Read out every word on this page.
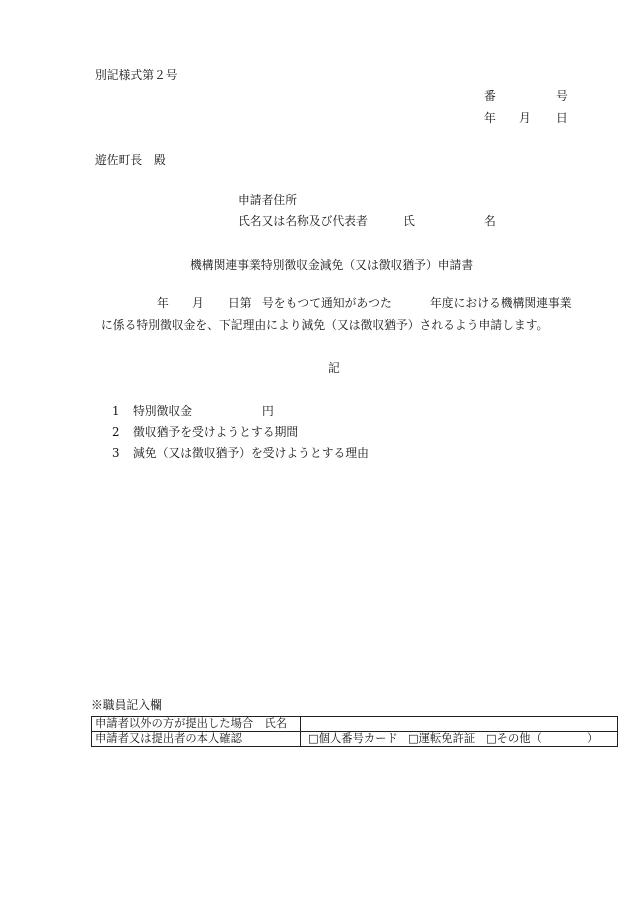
別記様式第２号
番	号
年 月 日
遊佐町長　殿
申請者住所
氏名又は名称及び代表者	氏	名
機構関連事業特別徴収金減免（又は徴収猶予）申請書
年 月 日第 号をもつて通知があつた	年度における機構関連事業
に係る特別徴収金を、下記理由により減免（又は徴収猶予）されるよう申請します。
記
1 特別徴収金	円
2 徴収猶予を受けようとする期間
3 減免（又は徴収猶予）を受けようとする理由
※職員記入欄
申請者以外の方が提出した場合　氏名
申請者又は提出者の本人確認	□個人番号カード □運転免許証 □その他（　　　　）
